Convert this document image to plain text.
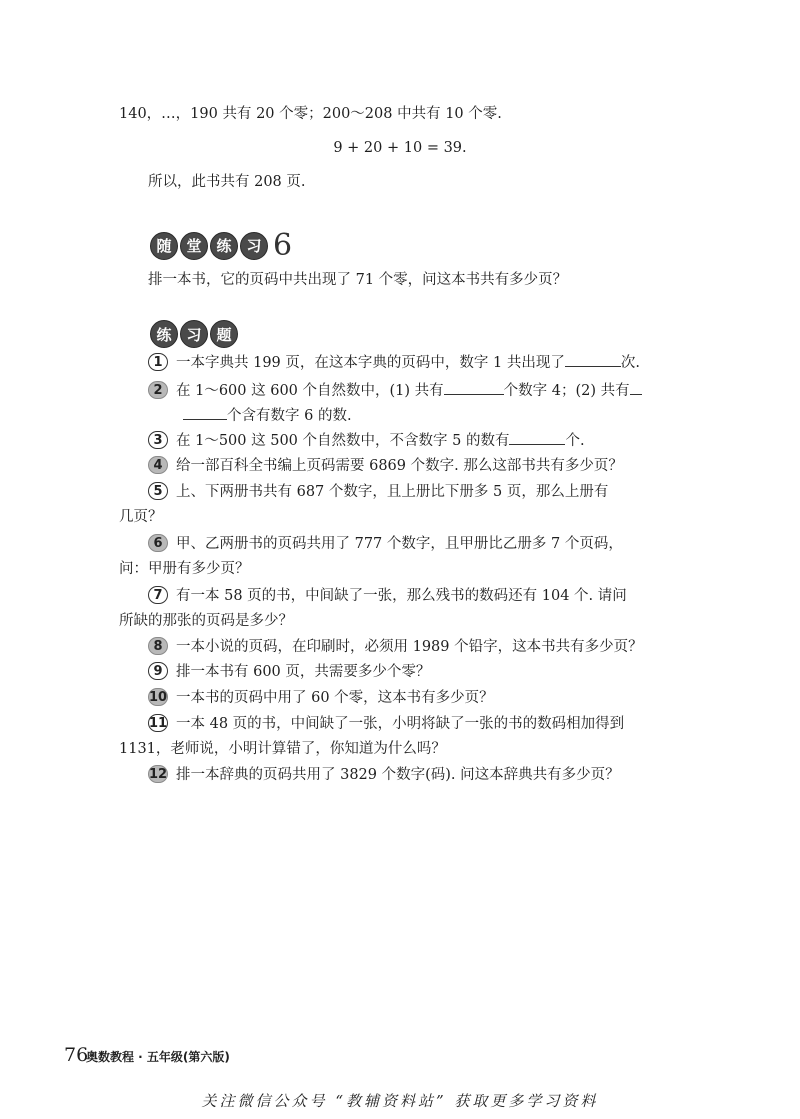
140，…，190 共有 20 个零；200～208 中共有 10 个零.
9 + 20 + 10 = 39.
所以，此书共有 208 页.
随 堂 练 习 6
排一本书，它的页码中共出现了 71 个零，问这本书共有多少页？
练 习 题
1 一本字典共 199 页，在这本字典的页码中，数字 1 共出现了	次.
2 在 1～600 这 600 个自然数中，(1) 共有	个数字 4；(2) 共有
个含有数字 6 的数.
3 在 1～500 这 500 个自然数中，不含数字 5 的数有	个.
4 给一部百科全书编上页码需要 6869 个数字. 那么这部书共有多少页？
5 上、下两册书共有 687 个数字，且上册比下册多 5 页，那么上册有
几页？
6 甲、乙两册书的页码共用了 777 个数字，且甲册比乙册多 7 个页码，
问：甲册有多少页？
7 有一本 58 页的书，中间缺了一张，那么残书的数码还有 104 个. 请问
所缺的那张的页码是多少？
8 一本小说的页码，在印刷时，必须用 1989 个铅字，这本书共有多少页？
9 排一本书有 600 页，共需要多少个零？
10 一本书的页码中用了 60 个零，这本书有多少页？
11 一本 48 页的书，中间缺了一张，小明将缺了一张的书的数码相加得到
1131，老师说，小明计算错了，你知道为什么吗？
12 排一本辞典的页码共用了 3829 个数字(码). 问这本辞典共有多少页？
76
奥数教程 · 五年级(第六版)
关注微信公众号 “教辅资料站” 获取更多学习资料
